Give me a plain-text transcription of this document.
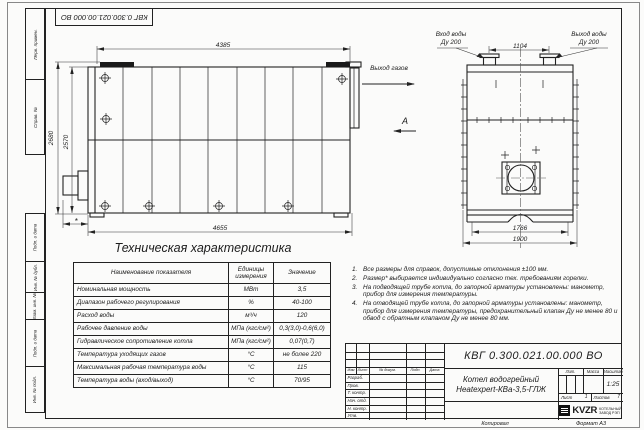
КВГ 0.300.021.00.000 ВО
Перв. примен.
Справ. №
Подп. и дата
Инв. № дубл.
Взам. инв. №
Подп. и дата
Инв. № подл.
4385
4655
2680 2570
*
Выход газов
А
Вход воды
Ду 200
Выход воды
Ду 200
1104
1766
1900
Техническая характеристика
Наименование показателя	Единицы измерения	Значение
Номинальная мощность	МВт	3,5
Диапазон рабочего регулирования	%	40-100
Расход воды	м³/ч	120
Рабочее давление воды	МПа (кгс/см²)	0,3(3,0)-0,6(6,0)
Гидравлическое сопротивление котла	МПа (кгс/см²)	0,07(0,7)
Температура уходящих газов	°С	не более 220
Максимальная рабочая температура воды	°С	115
Температура воды (вход/выход)	°С	70/95
1. Все размеры для справок, допустимые отклонения ±100 мм.
2. Размер* выбирается индивидуально согласно тех. требованиям горелки.
3. На подводящей трубе котла, до запорной арматуры установлены: манометр, прибор для измерения температуры.
4. На отводящей трубе котла, до запорной арматуры установлены: манометр, прибор для измерения температуры, предохранительный клапан Ду не менее 80 и обвод с обратным клапаном Ду не менее 80 мм.
Изм Лист	№ докум.	Подп.	Дата
Разраб.
Пров.
Т. контр.
Нач. отд.
Н. контр.
Утв.
КВГ 0.300.021.00.000 ВО
Котел водогрейный
Heatexpert-КВа-3,5-ГЛЖ
Лит.	Масса Масштаб
1:25
Лист 1 Листов 7
KVZR КОТЕЛЬНЫЙ
ЗАВОД РЭП
Копировал	Формат А3
